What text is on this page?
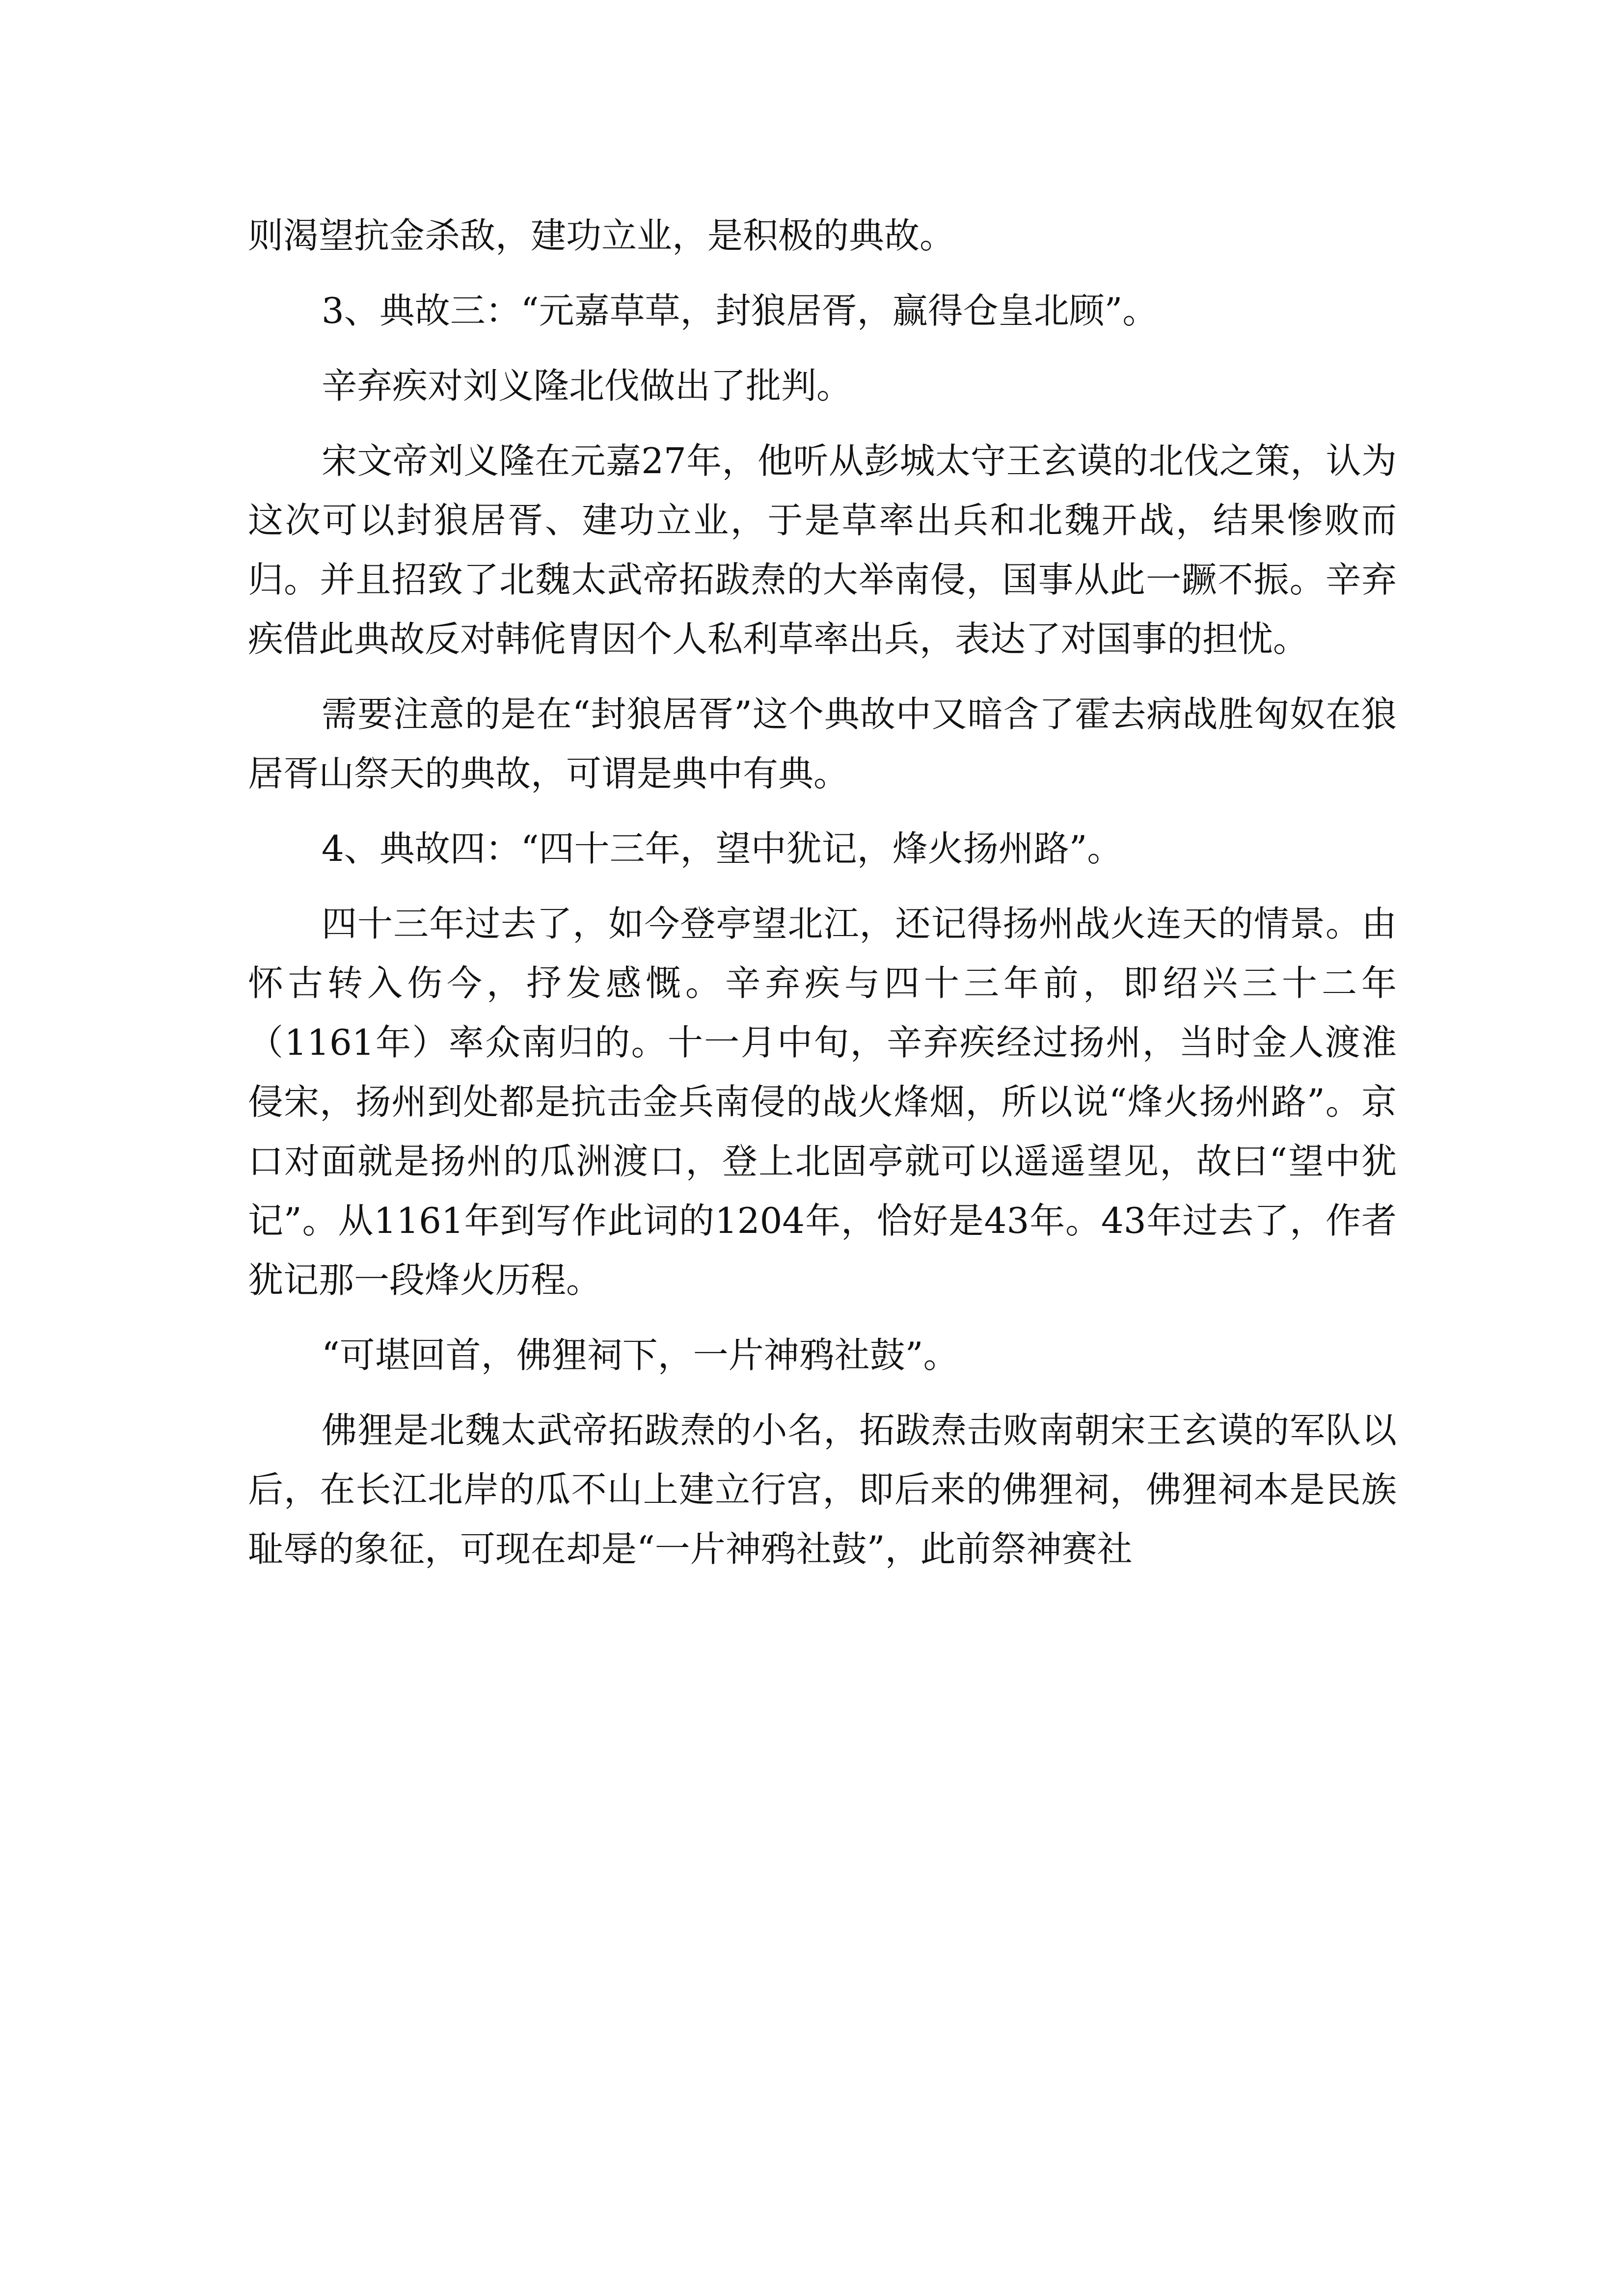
则渴望抗金杀敌，建功立业，是积极的典故。

3、典故三：“元嘉草草，封狼居胥，赢得仓皇北顾”。

辛弃疾对刘义隆北伐做出了批判。

宋文帝刘义隆在元嘉27年，他听从彭城太守王玄谟的北伐之策，认为这次可以封狼居胥、建功立业，于是草率出兵和北魏开战，结果惨败而归。并且招致了北魏太武帝拓跋焘的大举南侵，国事从此一蹶不振。辛弃疾借此典故反对韩侂胄因个人私利草率出兵，表达了对国事的担忧。

需要注意的是在“封狼居胥”这个典故中又暗含了霍去病战胜匈奴在狼居胥山祭天的典故，可谓是典中有典。

4、典故四：“四十三年，望中犹记，烽火扬州路”。

四十三年过去了，如今登亭望北江，还记得扬州战火连天的情景。由怀古转入伤今，抒发感慨。辛弃疾与四十三年前，即绍兴三十二年（1161年）率众南归的。十一月中旬，辛弃疾经过扬州，当时金人渡淮侵宋，扬州到处都是抗击金兵南侵的战火烽烟，所以说“烽火扬州路”。京口对面就是扬州的瓜洲渡口，登上北固亭就可以遥遥望见，故曰“望中犹记”。从1161年到写作此词的1204年，恰好是43年。43年过去了，作者犹记那一段烽火历程。

“可堪回首，佛狸祠下，一片神鸦社鼓”。

佛狸是北魏太武帝拓跋焘的小名，拓跋焘击败南朝宋王玄谟的军队以后，在长江北岸的瓜不山上建立行宫，即后来的佛狸祠，佛狸祠本是民族耻辱的象征，可现在却是“一片神鸦社鼓”，此前祭神赛社
